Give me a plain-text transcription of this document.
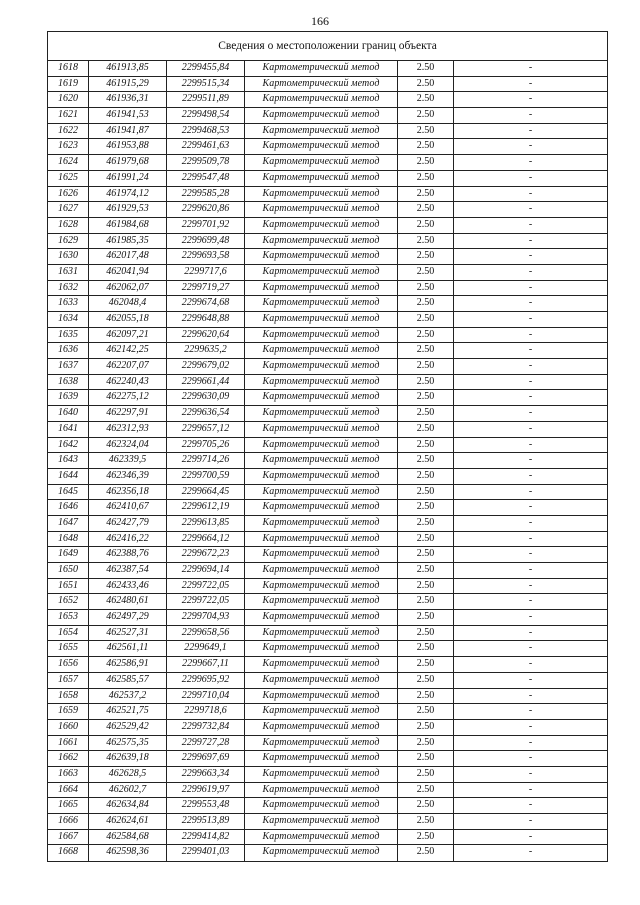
166
Сведения о местоположении границ объекта
1618	461913,85	2299455,84	Картометрический метод	2.50	-
1619	461915,29	2299515,34	Картометрический метод	2.50	-
1620	461936,31	2299511,89	Картометрический метод	2.50	-
1621	461941,53	2299498,54	Картометрический метод	2.50	-
1622	461941,87	2299468,53	Картометрический метод	2.50	-
1623	461953,88	2299461,63	Картометрический метод	2.50	-
1624	461979,68	2299509,78	Картометрический метод	2.50	-
1625	461991,24	2299547,48	Картометрический метод	2.50	-
1626	461974,12	2299585,28	Картометрический метод	2.50	-
1627	461929,53	2299620,86	Картометрический метод	2.50	-
1628	461984,68	2299701,92	Картометрический метод	2.50	-
1629	461985,35	2299699,48	Картометрический метод	2.50	-
1630	462017,48	2299693,58	Картометрический метод	2.50	-
1631	462041,94	2299717,6	Картометрический метод	2.50	-
1632	462062,07	2299719,27	Картометрический метод	2.50	-
1633	462048,4	2299674,68	Картометрический метод	2.50	-
1634	462055,18	2299648,88	Картометрический метод	2.50	-
1635	462097,21	2299620,64	Картометрический метод	2.50	-
1636	462142,25	2299635,2	Картометрический метод	2.50	-
1637	462207,07	2299679,02	Картометрический метод	2.50	-
1638	462240,43	2299661,44	Картометрический метод	2.50	-
1639	462275,12	2299630,09	Картометрический метод	2.50	-
1640	462297,91	2299636,54	Картометрический метод	2.50	-
1641	462312,93	2299657,12	Картометрический метод	2.50	-
1642	462324,04	2299705,26	Картометрический метод	2.50	-
1643	462339,5	2299714,26	Картометрический метод	2.50	-
1644	462346,39	2299700,59	Картометрический метод	2.50	-
1645	462356,18	2299664,45	Картометрический метод	2.50	-
1646	462410,67	2299612,19	Картометрический метод	2.50	-
1647	462427,79	2299613,85	Картометрический метод	2.50	-
1648	462416,22	2299664,12	Картометрический метод	2.50	-
1649	462388,76	2299672,23	Картометрический метод	2.50	-
1650	462387,54	2299694,14	Картометрический метод	2.50	-
1651	462433,46	2299722,05	Картометрический метод	2.50	-
1652	462480,61	2299722,05	Картометрический метод	2.50	-
1653	462497,29	2299704,93	Картометрический метод	2.50	-
1654	462527,31	2299658,56	Картометрический метод	2.50	-
1655	462561,11	2299649,1	Картометрический метод	2.50	-
1656	462586,91	2299667,11	Картометрический метод	2.50	-
1657	462585,57	2299695,92	Картометрический метод	2.50	-
1658	462537,2	2299710,04	Картометрический метод	2.50	-
1659	462521,75	2299718,6	Картометрический метод	2.50	-
1660	462529,42	2299732,84	Картометрический метод	2.50	-
1661	462575,35	2299727,28	Картометрический метод	2.50	-
1662	462639,18	2299697,69	Картометрический метод	2.50	-
1663	462628,5	2299663,34	Картометрический метод	2.50	-
1664	462602,7	2299619,97	Картометрический метод	2.50	-
1665	462634,84	2299553,48	Картометрический метод	2.50	-
1666	462624,61	2299513,89	Картометрический метод	2.50	-
1667	462584,68	2299414,82	Картометрический метод	2.50	-
1668	462598,36	2299401,03	Картометрический метод	2.50	-
